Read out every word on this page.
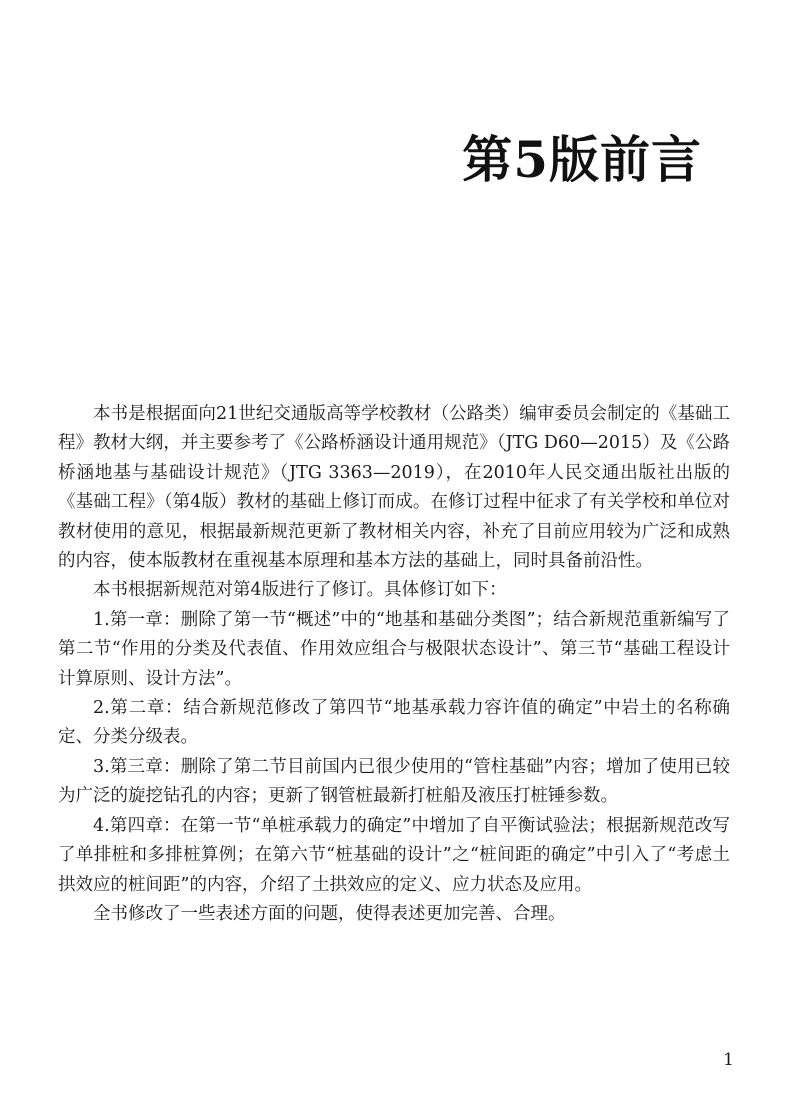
第5版前言

本书是根据面向21世纪交通版高等学校教材（公路类）编审委员会制定的《基础工程》教材大纲，并主要参考了《公路桥涵设计通用规范》（JTG D60—2015）及《公路桥涵地基与基础设计规范》（JTG 3363—2019），在2010年人民交通出版社出版的《基础工程》（第4版）教材的基础上修订而成。在修订过程中征求了有关学校和单位对教材使用的意见，根据最新规范更新了教材相关内容，补充了目前应用较为广泛和成熟的内容，使本版教材在重视基本原理和基本方法的基础上，同时具备前沿性。

本书根据新规范对第4版进行了修订。具体修订如下：

1.第一章：删除了第一节“概述”中的“地基和基础分类图”；结合新规范重新编写了第二节“作用的分类及代表值、作用效应组合与极限状态设计”、第三节“基础工程设计计算原则、设计方法”。

2.第二章：结合新规范修改了第四节“地基承载力容许值的确定”中岩土的名称确定、分类分级表。

3.第三章：删除了第二节目前国内已很少使用的“管柱基础”内容；增加了使用已较为广泛的旋挖钻孔的内容；更新了钢管桩最新打桩船及液压打桩锤参数。

4.第四章：在第一节“单桩承载力的确定”中增加了自平衡试验法；根据新规范改写了单排桩和多排桩算例；在第六节“桩基础的设计”之“桩间距的确定”中引入了“考虑土拱效应的桩间距”的内容，介绍了土拱效应的定义、应力状态及应用。

全书修改了一些表述方面的问题，使得表述更加完善、合理。

1
